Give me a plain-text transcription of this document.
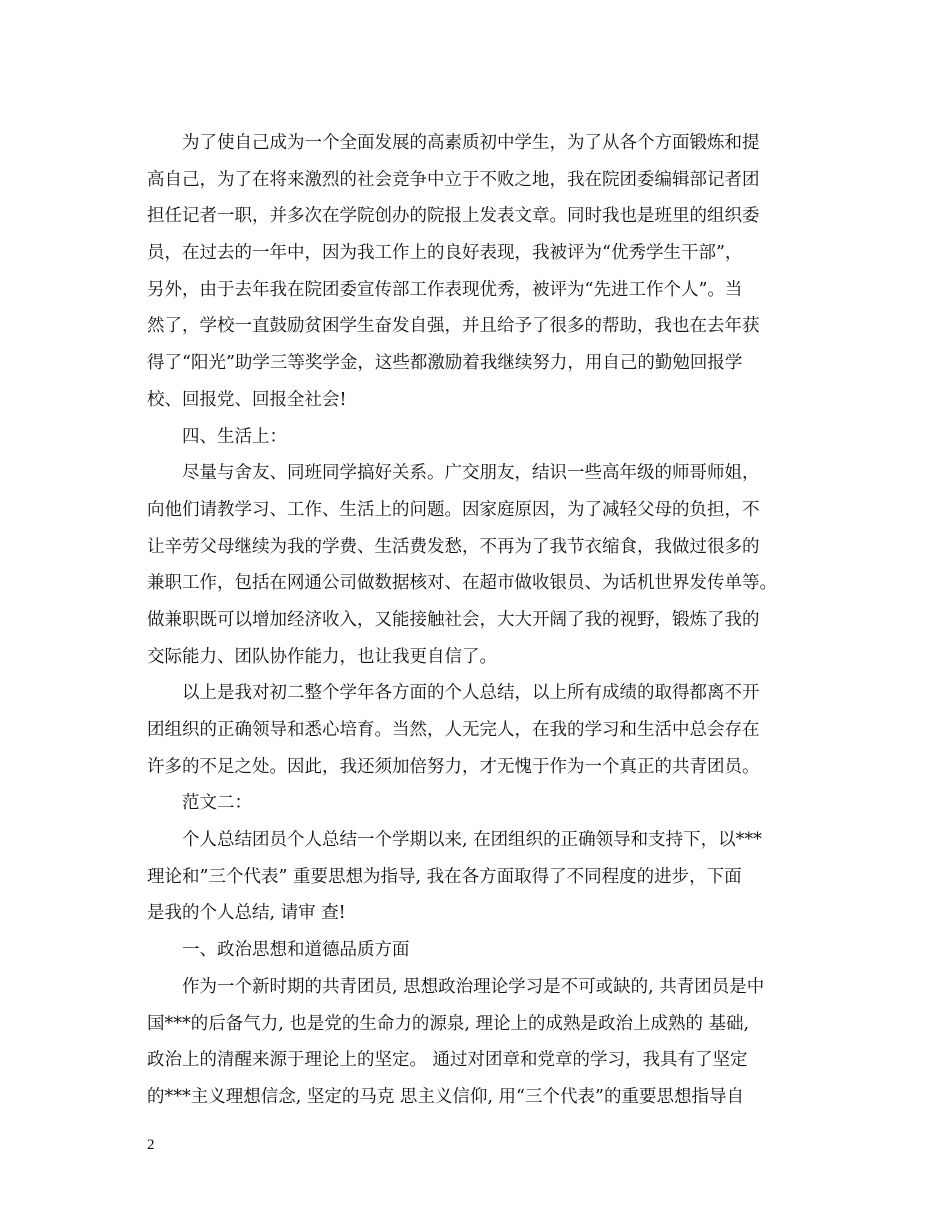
为了使自己成为一个全面发展的高素质初中学生，为了从各个方面锻炼和提
高自己，为了在将来激烈的社会竞争中立于不败之地，我在院团委编辑部记者团
担任记者一职，并多次在学院创办的院报上发表文章。同时我也是班里的组织委
员，在过去的一年中，因为我工作上的良好表现，我被评为“优秀学生干部”，
另外，由于去年我在院团委宣传部工作表现优秀，被评为“先进工作个人”。当
然了，学校一直鼓励贫困学生奋发自强，并且给予了很多的帮助，我也在去年获
得了“阳光”助学三等奖学金，这些都激励着我继续努力，用自己的勤勉回报学
校、回报党、回报全社会!
四、生活上：
尽量与舍友、同班同学搞好关系。广交朋友，结识一些高年级的师哥师姐，
向他们请教学习、工作、生活上的问题。因家庭原因，为了减轻父母的负担，不
让辛劳父母继续为我的学费、生活费发愁，不再为了我节衣缩食，我做过很多的
兼职工作，包括在网通公司做数据核对、在超市做收银员、为话机世界发传单等。
做兼职既可以增加经济收入，又能接触社会，大大开阔了我的视野，锻炼了我的
交际能力、团队协作能力，也让我更自信了。
以上是我对初二整个学年各方面的个人总结，以上所有成绩的取得都离不开
团组织的正确领导和悉心培育。当然，人无完人，在我的学习和生活中总会存在
许多的不足之处。因此，我还须加倍努力，才无愧于作为一个真正的共青团员。
范文二：
个人总结团员个人总结一个学期以来, 在团组织的正确领导和支持下，以***
理论和”三个代表” 重要思想为指导, 我在各方面取得了不同程度的进步，下面
是我的个人总结, 请审 查!
一、政治思想和道德品质方面
作为一个新时期的共青团员, 思想政治理论学习是不可或缺的, 共青团员是中
国***的后备气力, 也是党的生命力的源泉, 理论上的成熟是政治上成熟的 基础,
政治上的清醒来源于理论上的坚定。 通过对团章和党章的学习，我具有了坚定
的***主义理想信念, 坚定的马克 思主义信仰, 用“三个代表”的重要思想指导自
2
